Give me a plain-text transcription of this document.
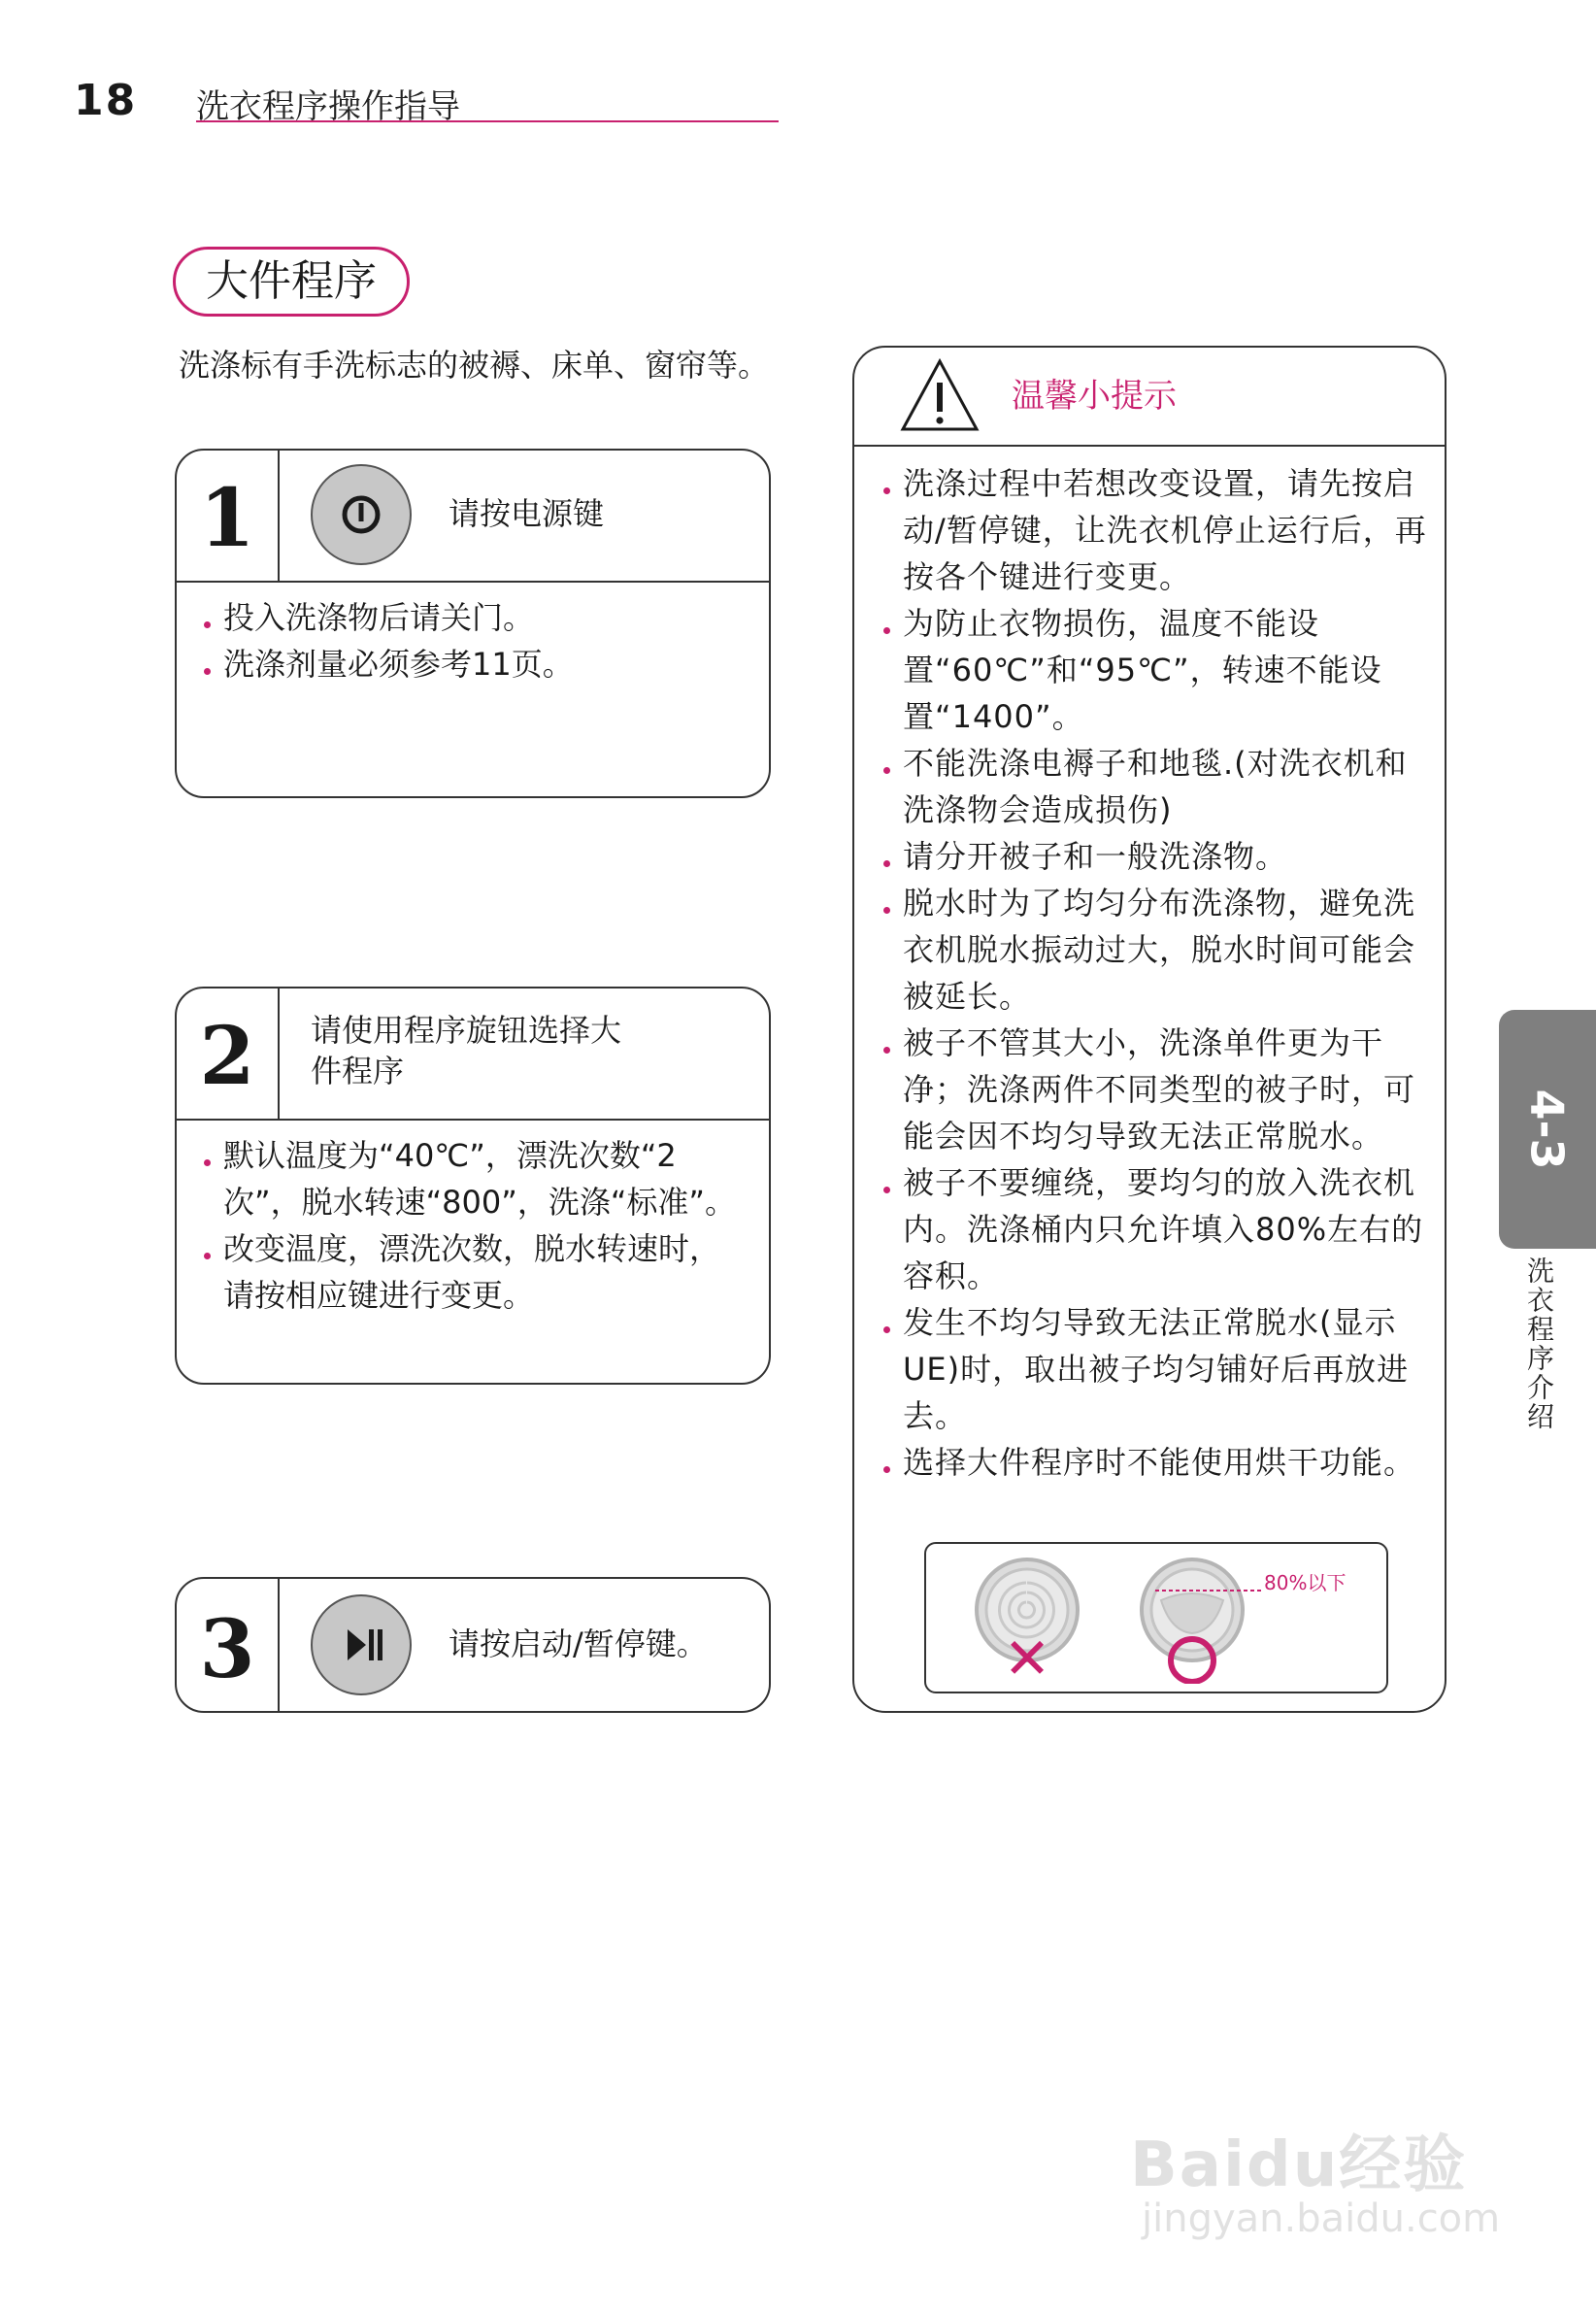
18 洗衣程序操作指导
大件程序
洗涤标有手洗标志的被褥、床单、窗帘等。
1	请按电源键
投入洗涤物后请关门。
洗涤剂量必须参考11页。
2	请使用程序旋钮选择大件程序
默认温度为“40℃”，漂洗次数“2次”，脱水转速“800”，洗涤“标准”。
改变温度，漂洗次数，脱水转速时，请按相应键进行变更。
3	请按启动/暂停键。
温馨小提示
洗涤过程中若想改变设置，请先按启动/暂停键，让洗衣机停止运行后，再按各个键进行变更。
为防止衣物损伤，温度不能设置“60℃”和“95℃”，转速不能设置“1400”。
不能洗涤电褥子和地毯.(对洗衣机和洗涤物会造成损伤)
请分开被子和一般洗涤物。
脱水时为了均匀分布洗涤物，避免洗衣机脱水振动过大，脱水时间可能会被延长。
被子不管其大小，洗涤单件更为干净；洗涤两件不同类型的被子时，可能会因不均匀导致无法正常脱水。
被子不要缠绕，要均匀的放入洗衣机内。洗涤桶内只允许填入80%左右的容积。
发生不均匀导致无法正常脱水(显示UE)时，取出被子均匀铺好后再放进去。
选择大件程序时不能使用烘干功能。
✕
80%以下
4-3
洗衣程序介绍
Baidu经验
jingyan.baidu.com
